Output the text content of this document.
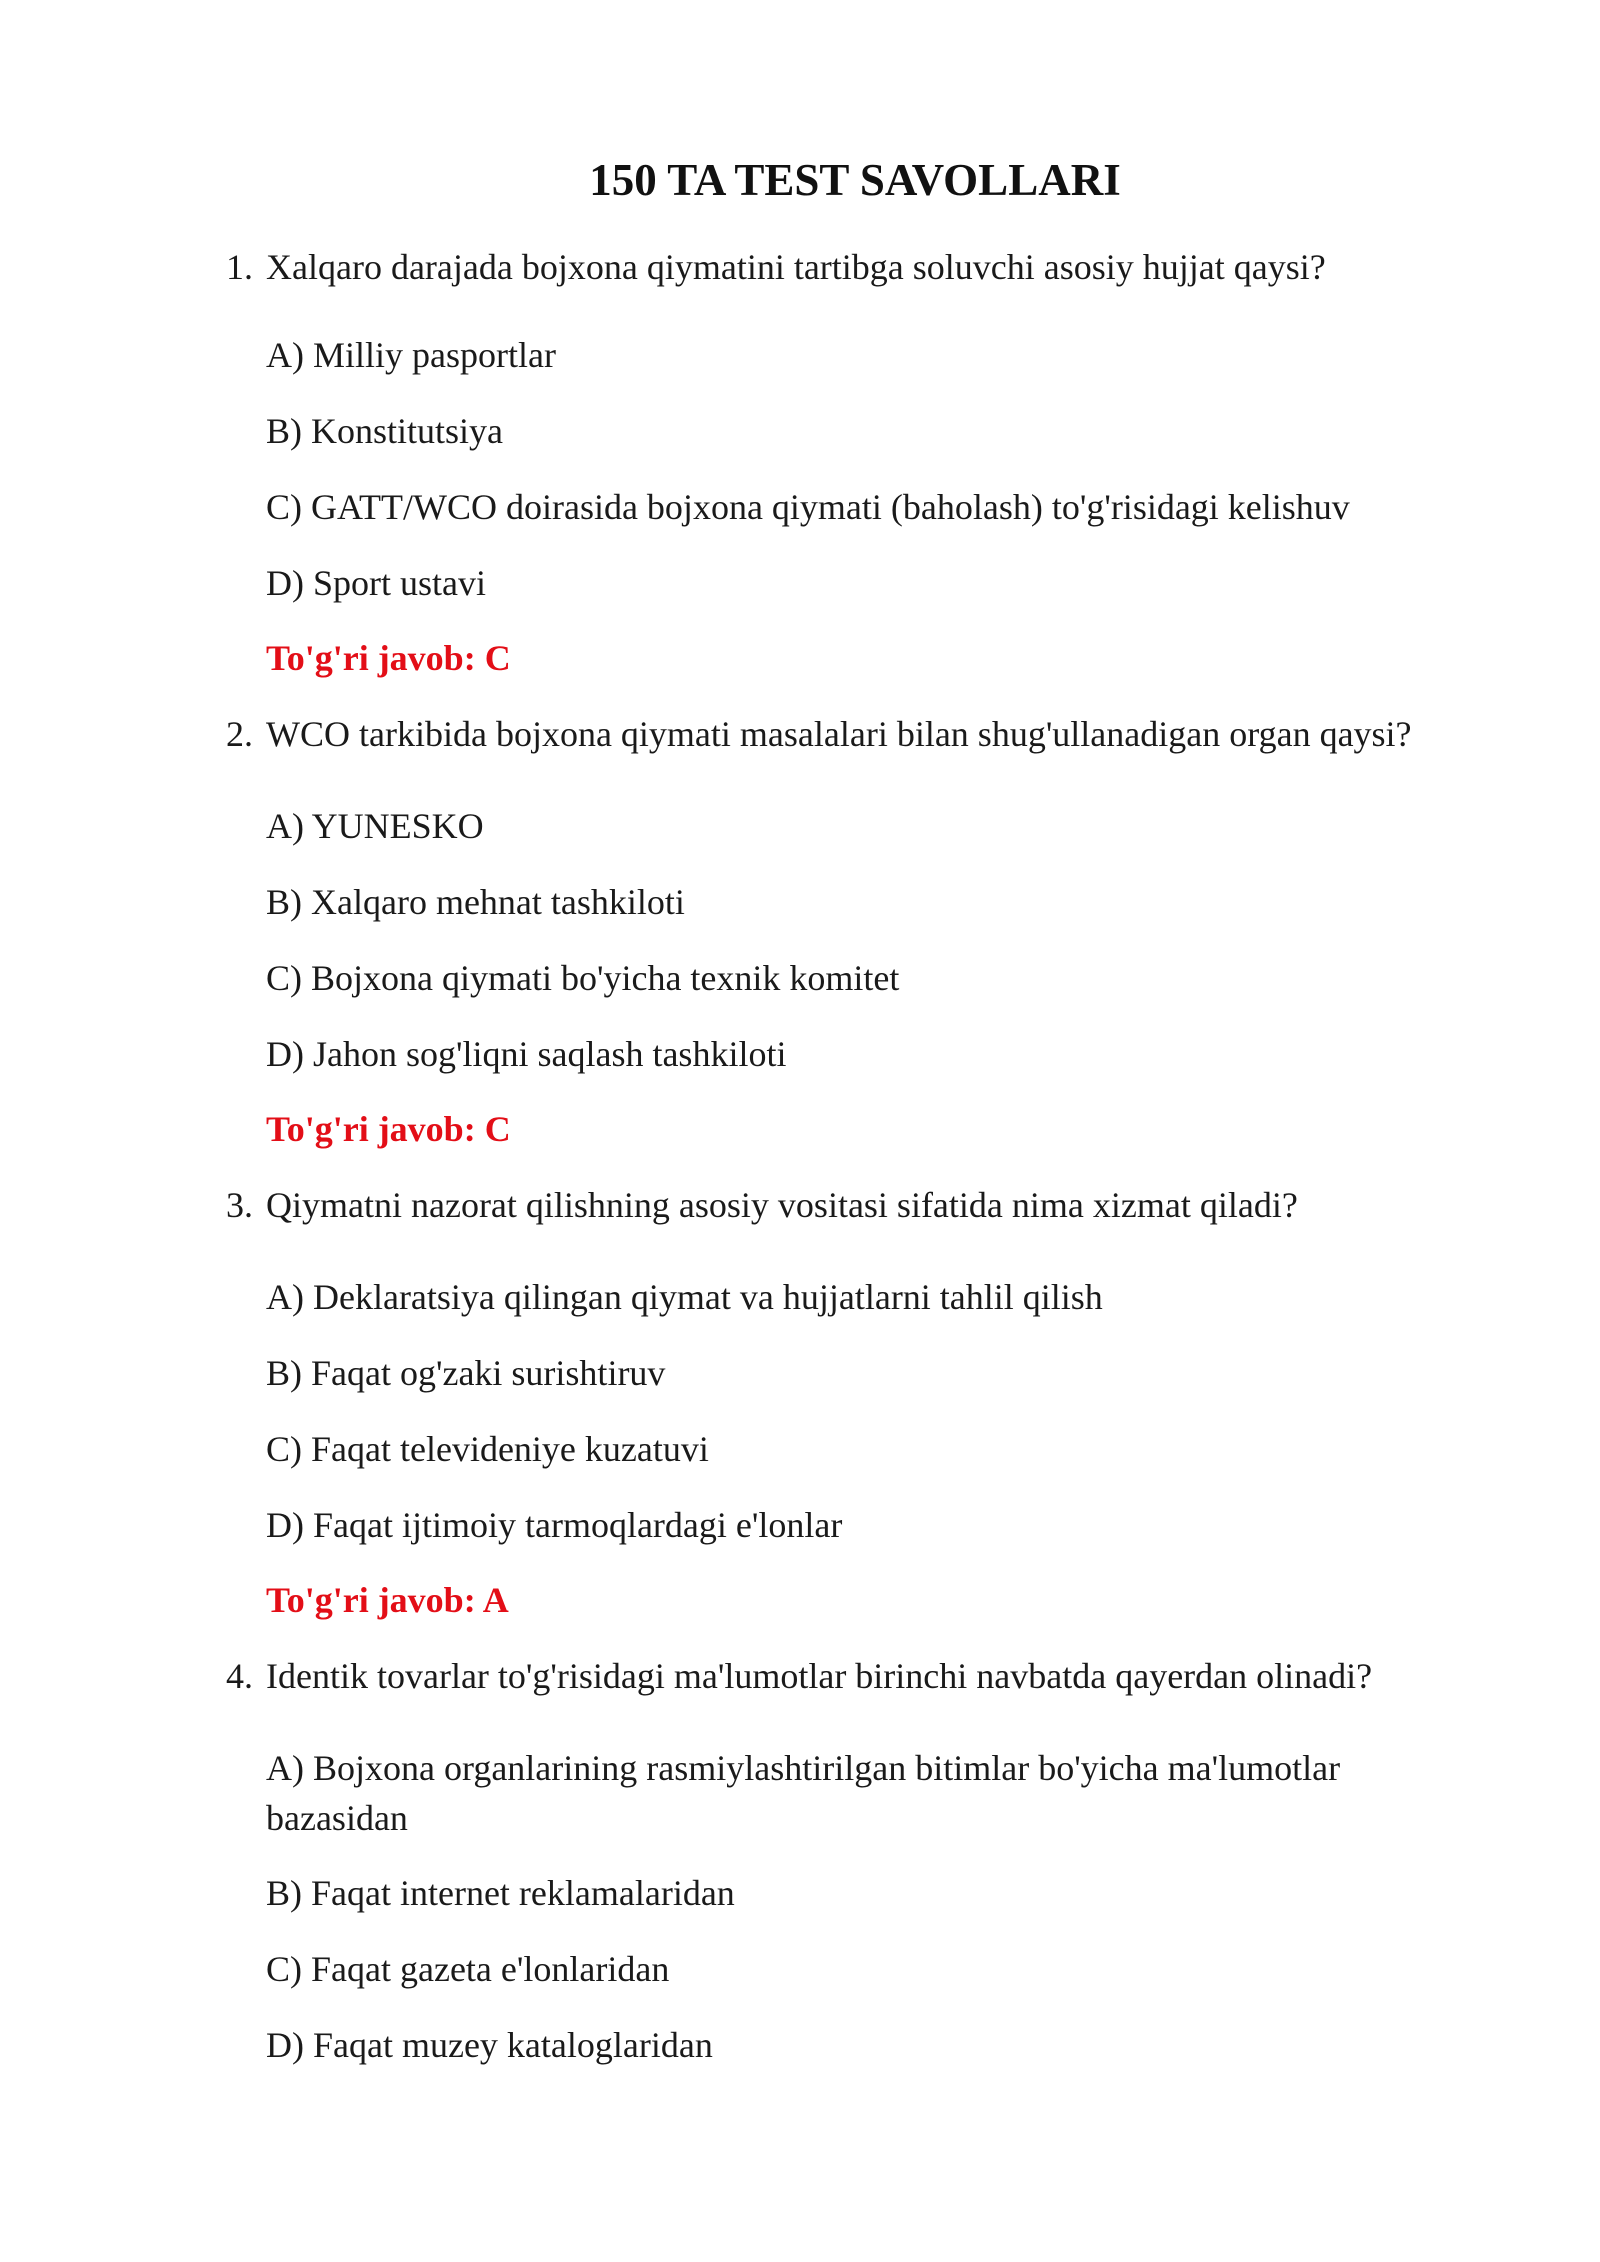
150 TA TEST SAVOLLARI
1. Xalqaro darajada bojxona qiymatini tartibga soluvchi asosiy hujjat qaysi?

A) Milliy pasportlar

B) Konstitutsiya

C) GATT/WCO doirasida bojxona qiymati (baholash) to'g'risidagi kelishuv

D) Sport ustavi

To'g'ri javob: C

2. WCO tarkibida bojxona qiymati masalalari bilan shug'ullanadigan organ qaysi?

A) YUNESKO

B) Xalqaro mehnat tashkiloti

C) Bojxona qiymati bo'yicha texnik komitet

D) Jahon sog'liqni saqlash tashkiloti

To'g'ri javob: C

3. Qiymatni nazorat qilishning asosiy vositasi sifatida nima xizmat qiladi?

A) Deklaratsiya qilingan qiymat va hujjatlarni tahlil qilish

B) Faqat og'zaki surishtiruv

C) Faqat televideniye kuzatuvi

D) Faqat ijtimoiy tarmoqlardagi e'lonlar

To'g'ri javob: A

4. Identik tovarlar to'g'risidagi ma'lumotlar birinchi navbatda qayerdan olinadi?

A) Bojxona organlarining rasmiylashtirilgan bitimlar bo'yicha ma'lumotlar bazasidan

B) Faqat internet reklamalaridan

C) Faqat gazeta e'lonlaridan

D) Faqat muzey kataloglaridan
